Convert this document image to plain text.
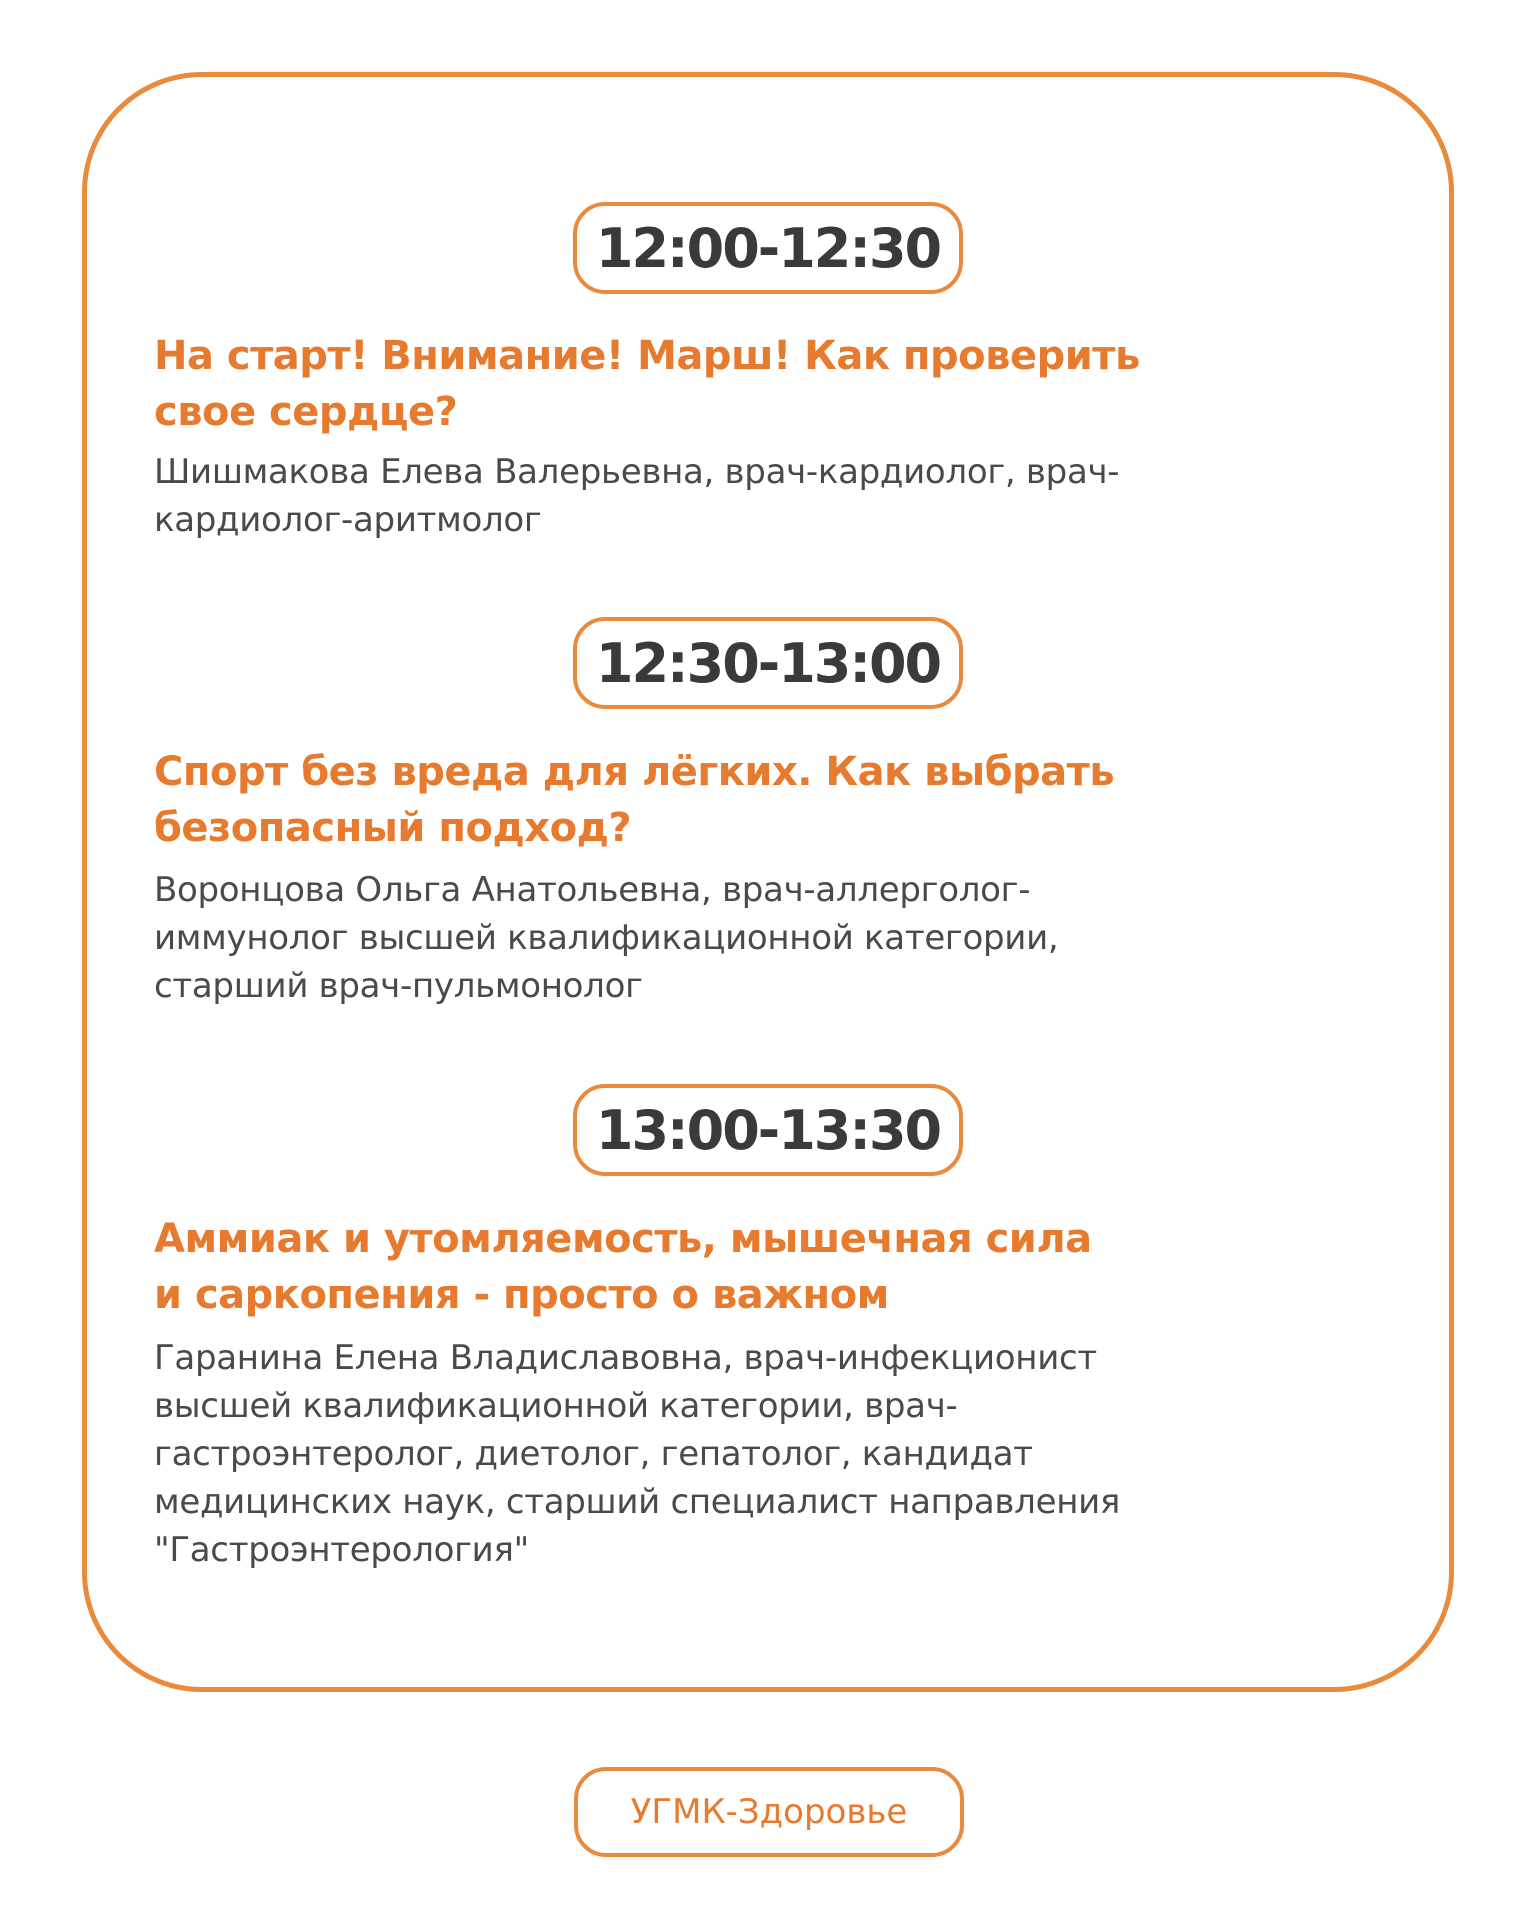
12:00-12:30
На старт! Внимание! Марш! Как проверить
свое сердце?

Шишмакова Елева Валерьевна, врач-кардиолог, врач-
кардиолог-аритмолог

12:30-13:00
Спорт без вреда для лёгких. Как выбрать
безопасный подход?

Воронцова Ольга Анатольевна, врач-аллерголог-
иммунолог высшей квалификационной категории,
старший врач-пульмонолог

13:00-13:30
Аммиак и утомляемость, мышечная сила
и саркопения - просто о важном

Гаранина Елена Владиславовна, врач-инфекционист
высшей квалификационной категории, врач-
гастроэнтеролог, диетолог, гепатолог, кандидат
медицинских наук, старший специалист направления
"Гастроэнтерология"

УГМК-Здоровье
